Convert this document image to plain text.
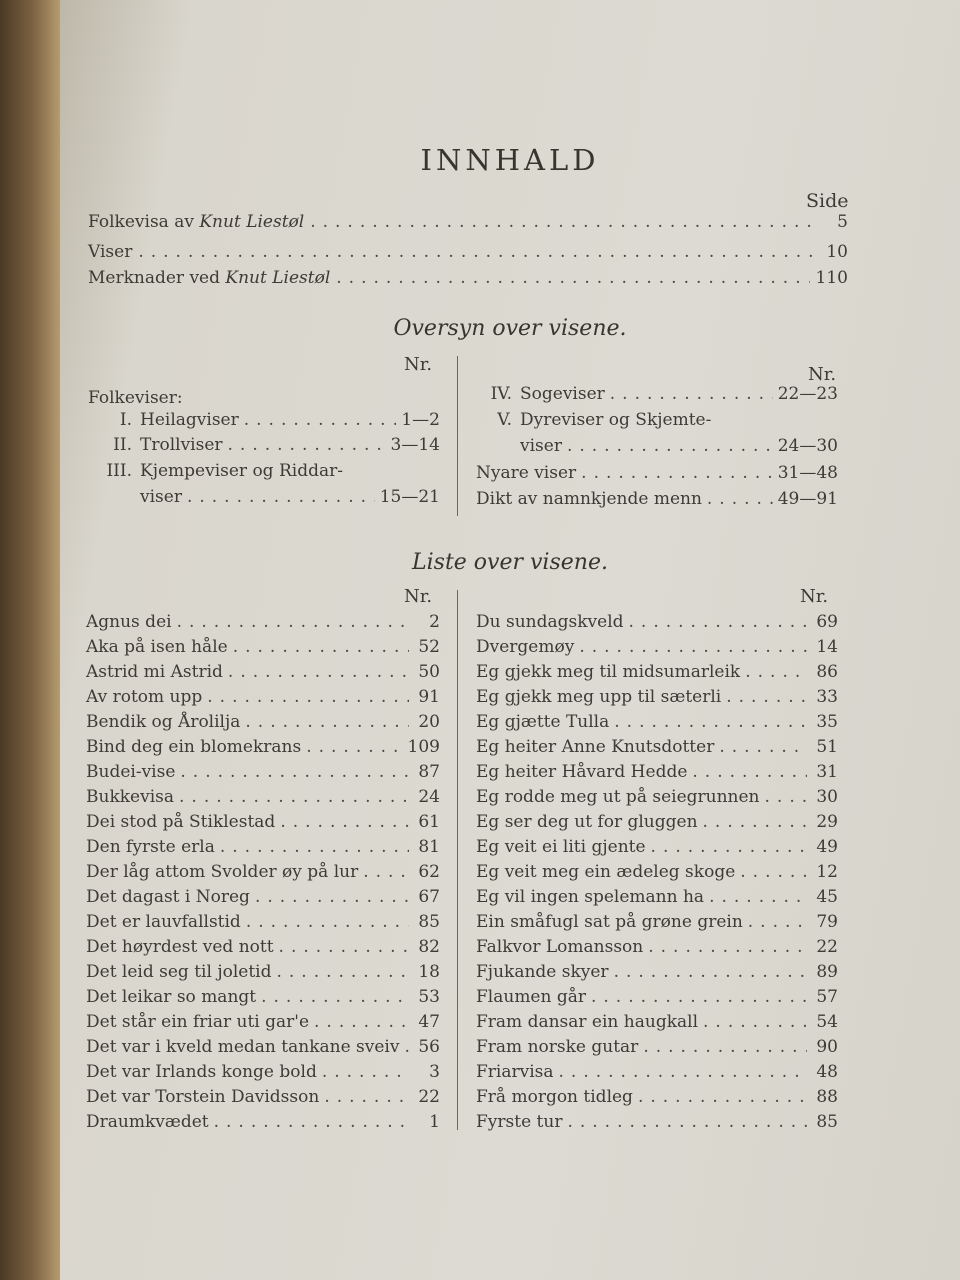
INNHALD
Side
Folkevisa av Knut Liestøl .....	5
Viser .....	10
Merknader ved Knut Liestøl .....	110
Oversyn over visene.
Nr.	Nr.
Folkeviser:
I. Heilagviser .....	1—2
II. Trollviser .....	3—14
III. Kjempeviser og Riddar-
viser .....	15—21
IV. Sogeviser .....	22—23
V. Dyreviser og Skjemte-
viser .....	24—30
Nyare viser .....	31—48
Dikt av namnkjende menn .....	49—91
Liste over visene.
Nr.	Nr.
Agnus dei .....	2
Aka på isen håle .....	52
Astrid mi Astrid .....	50
Av rotom upp .....	91
Bendik og Årolilja .....	20
Bind deg ein blomekrans .....	109
Budei-vise .....	87
Bukkevisa .....	24
Dei stod på Stiklestad .....	61
Den fyrste erla .....	81
Der låg attom Svolder øy på lur .....	62
Det dagast i Noreg .....	67
Det er lauvfallstid .....	85
Det høyrdest ved nott .....	82
Det leid seg til joletid .....	18
Det leikar so mangt .....	53
Det står ein friar uti gar'e .....	47
Det var i kveld medan tankane sveiv ..... 56
Det var Irlands konge bold .....	3
Det var Torstein Davidsson .....	22
Draumkvædet .....	1
Du sundagskveld .....	69
Dvergemøy .....	14
Eg gjekk meg til midsumarleik .....	86
Eg gjekk meg upp til sæterli .....	33
Eg gjætte Tulla .....	35
Eg heiter Anne Knutsdotter .....	51
Eg heiter Håvard Hedde .....	31
Eg rodde meg ut på seiegrunnen .....	30
Eg ser deg ut for gluggen .....	29
Eg veit ei liti gjente .....	49
Eg veit meg ein ædeleg skoge .....	12
Eg vil ingen spelemann ha .....	45
Ein småfugl sat på grøne grein .....	79
Falkvor Lomansson .....	22
Fjukande skyer .....	89
Flaumen går .....	57
Fram dansar ein haugkall .....	54
Fram norske gutar .....	90
Friarvisa .....	48
Frå morgon tidleg .....	88
Fyrste tur .....	85
